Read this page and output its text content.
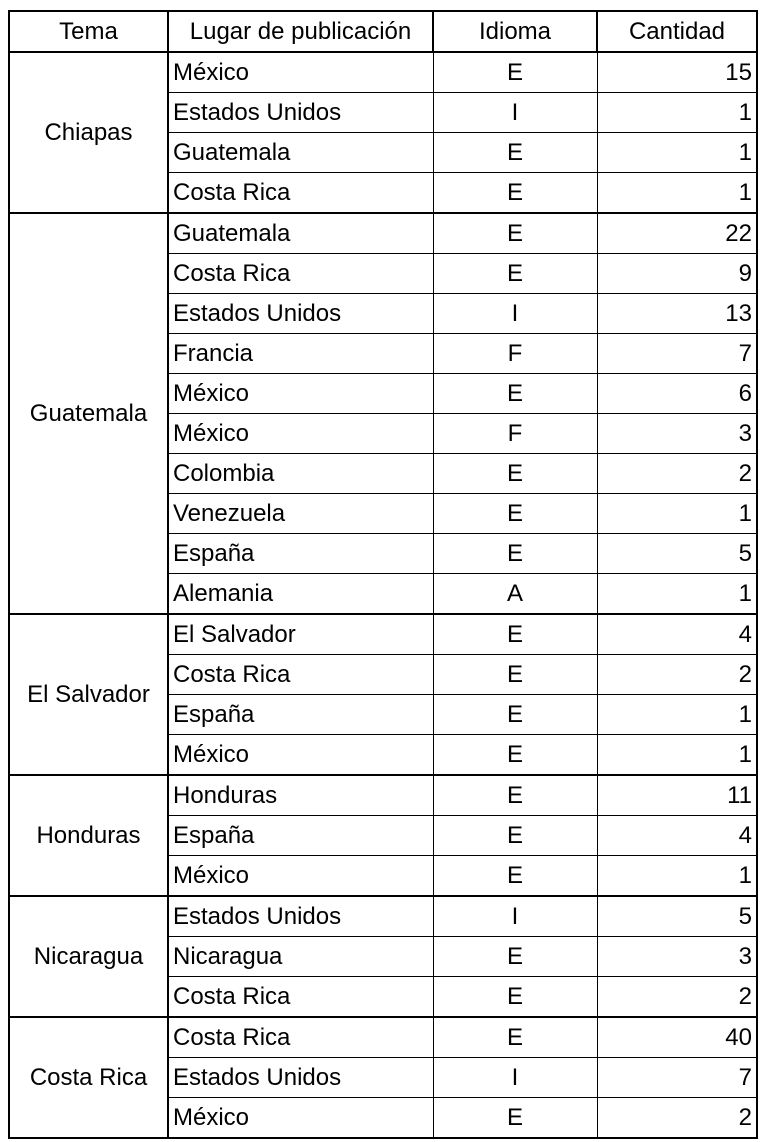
Tema	Lugar de publicación	Idioma	Cantidad
Chiapas	México	E	15
	Estados Unidos	I	1
	Guatemala	E	1
	Costa Rica	E	1
Guatemala	Guatemala	E	22
	Costa Rica	E	9
	Estados Unidos	I	13
	Francia	F	7
	México	E	6
	México	F	3
	Colombia	E	2
	Venezuela	E	1
	España	E	5
	Alemania	A	1
El Salvador	El Salvador	E	4
	Costa Rica	E	2
	España	E	1
	México	E	1
Honduras	Honduras	E	11
	España	E	4
	México	E	1
Nicaragua	Estados Unidos	I	5
	Nicaragua	E	3
	Costa Rica	E	2
Costa Rica	Costa Rica	E	40
	Estados Unidos	I	7
	México	E	2
